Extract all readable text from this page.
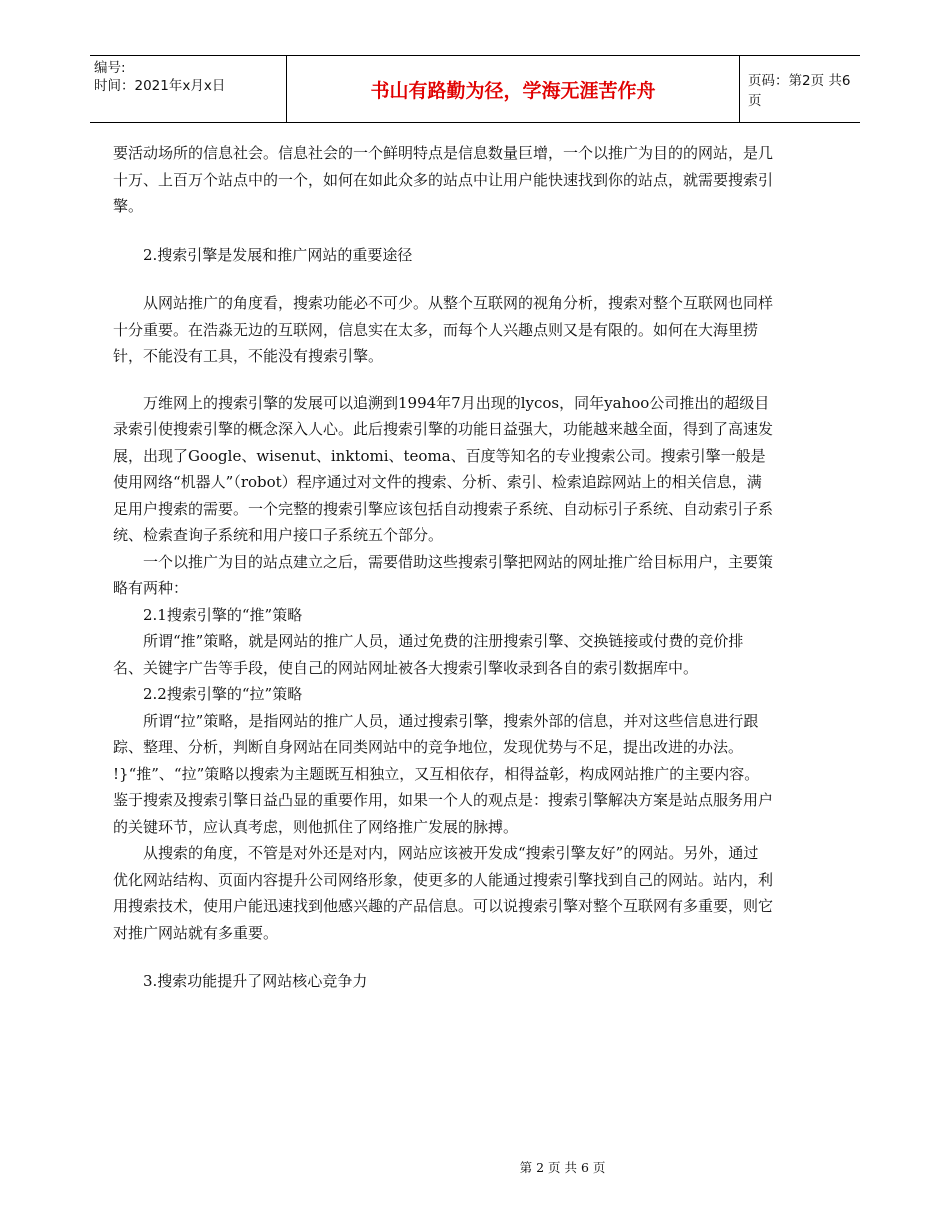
编号:
时间：2021年x月x日	书山有路勤为径，学海无涯苦作舟	页码：第2页 共6页

要活动场所的信息社会。信息社会的一个鲜明特点是信息数量巨增，一个以推广为目的的网站，是几十万、上百万个站点中的一个，如何在如此众多的站点中让用户能快速找到你的站点，就需要搜索引擎。

2.搜索引擎是发展和推广网站的重要途径

从网站推广的角度看，搜索功能必不可少。从整个互联网的视角分析，搜索对整个互联网也同样十分重要。在浩淼无边的互联网，信息实在太多，而每个人兴趣点则又是有限的。如何在大海里捞针，不能没有工具，不能没有搜索引擎。

万维网上的搜索引擎的发展可以追溯到1994年7月出现的lycos，同年yahoo公司推出的超级目录索引使搜索引擎的概念深入人心。此后搜索引擎的功能日益强大，功能越来越全面，得到了高速发展，出现了Google、wisenut、inktomi、teoma、百度等知名的专业搜索公司。搜索引擎一般是使用网络“机器人”（robot）程序通过对文件的搜索、分析、索引、检索追踪网站上的相关信息，满足用户搜索的需要。一个完整的搜索引擎应该包括自动搜索子系统、自动标引子系统、自动索引子系统、检索查询子系统和用户接口子系统五个部分。

一个以推广为目的站点建立之后，需要借助这些搜索引擎把网站的网址推广给目标用户，主要策略有两种：

2.1搜索引擎的“推”策略

所谓“推”策略，就是网站的推广人员，通过免费的注册搜索引擎、交换链接或付费的竞价排名、关键字广告等手段，使自己的网站网址被各大搜索引擎收录到各自的索引数据库中。

2.2搜索引擎的“拉”策略

所谓“拉”策略，是指网站的推广人员，通过搜索引擎，搜索外部的信息，并对这些信息进行跟踪、整理、分析，判断自身网站在同类网站中的竞争地位，发现优势与不足，提出改进的办法。 !}“推”、“拉”策略以搜索为主题既互相独立，又互相依存，相得益彰，构成网站推广的主要内容。鉴于搜索及搜索引擎日益凸显的重要作用，如果一个人的观点是：搜索引擎解决方案是站点服务用户的关键环节，应认真考虑，则他抓住了网络推广发展的脉搏。

从搜索的角度，不管是对外还是对内，网站应该被开发成“搜索引擎友好”的网站。另外，通过优化网站结构、页面内容提升公司网络形象，使更多的人能通过搜索引擎找到自己的网站。站内，利用搜索技术，使用户能迅速找到他感兴趣的产品信息。可以说搜索引擎对整个互联网有多重要，则它对推广网站就有多重要。

3.搜索功能提升了网站核心竞争力

第 2 页 共 6 页
